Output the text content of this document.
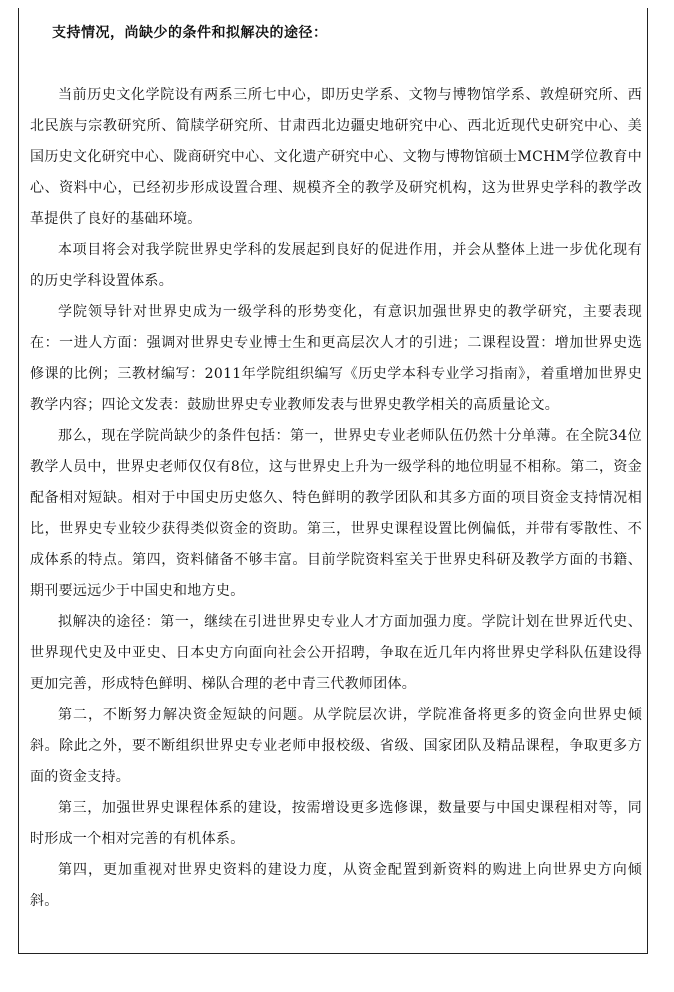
支持情况，尚缺少的条件和拟解决的途径：

当前历史文化学院设有两系三所七中心，即历史学系、文物与博物馆学系、敦煌研究所、西北民族与宗教研究所、简牍学研究所、甘肃西北边疆史地研究中心、西北近现代史研究中心、美国历史文化研究中心、陇商研究中心、文化遗产研究中心、文物与博物馆硕士MCHM学位教育中心、资料中心，已经初步形成设置合理、规模齐全的教学及研究机构，这为世界史学科的教学改革提供了良好的基础环境。

本项目将会对我学院世界史学科的发展起到良好的促进作用，并会从整体上进一步优化现有的历史学科设置体系。

学院领导针对世界史成为一级学科的形势变化，有意识加强世界史的教学研究，主要表现在：一进人方面：强调对世界史专业博士生和更高层次人才的引进；二课程设置：增加世界史选修课的比例；三教材编写：2011年学院组织编写《历史学本科专业学习指南》，着重增加世界史教学内容；四论文发表：鼓励世界史专业教师发表与世界史教学相关的高质量论文。

那么，现在学院尚缺少的条件包括：第一，世界史专业老师队伍仍然十分单薄。在全院34位教学人员中，世界史老师仅仅有8位，这与世界史上升为一级学科的地位明显不相称。第二，资金配备相对短缺。相对于中国史历史悠久、特色鲜明的教学团队和其多方面的项目资金支持情况相比，世界史专业较少获得类似资金的资助。第三，世界史课程设置比例偏低，并带有零散性、不成体系的特点。第四，资料储备不够丰富。目前学院资料室关于世界史科研及教学方面的书籍、期刊要远远少于中国史和地方史。

拟解决的途径：第一，继续在引进世界史专业人才方面加强力度。学院计划在世界近代史、世界现代史及中亚史、日本史方向面向社会公开招聘，争取在近几年内将世界史学科队伍建设得更加完善，形成特色鲜明、梯队合理的老中青三代教师团体。

第二，不断努力解决资金短缺的问题。从学院层次讲，学院准备将更多的资金向世界史倾斜。除此之外，要不断组织世界史专业老师申报校级、省级、国家团队及精品课程，争取更多方面的资金支持。

第三，加强世界史课程体系的建设，按需增设更多选修课，数量要与中国史课程相对等，同时形成一个相对完善的有机体系。

第四，更加重视对世界史资料的建设力度，从资金配置到新资料的购进上向世界史方向倾斜。
